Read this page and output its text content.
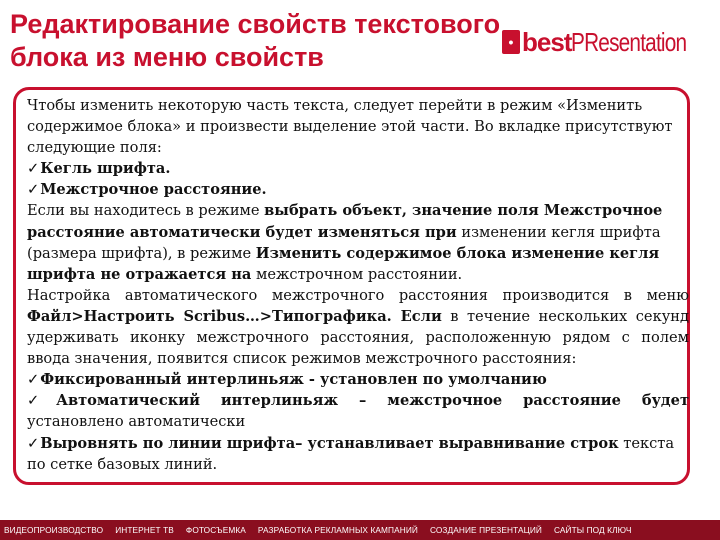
Редактирование свойств текстового блока из меню свойств	• best PResentation

Чтобы изменить некоторую часть текста, следует перейти в режим «Изменить содержимое блока» и произвести выделение этой части. Во вкладке присутствуют следующие поля:

✓Кегль шрифта.

✓Межстрочное расстояние.

Если вы находитесь в режиме выбрать объект, значение поля Межстрочное расстояние автоматически будет изменяться при изменении кегля шрифта (размера шрифта), в режиме Изменить содержимое блока изменение кегля шрифта не отражается на межстрочном расстоянии.

Настройка автоматического межстрочного расстояния производится в меню Файл>Настроить Scribus…>Типографика. Если в течение нескольких секунд удерживать иконку межстрочного расстояния, расположенную рядом с полем ввода значения, появится список режимов межстрочного расстояния:

✓Фиксированный интерлиньяж - установлен по умолчанию

✓Автоматический интерлиньяж – межстрочное расстояние будет

установлено автоматически

✓Выровнять по линии шрифта– устанавливает выравнивание строк текста по сетке базовых линий.

ВИДЕОПРОИЗВОДСТВО ИНТЕРНЕТ ТВ ФОТОСЪЕМКА РАЗРАБОТКА РЕКЛАМНЫХ КАМПАНИЙ СОЗДАНИЕ ПРЕЗЕНТАЦИЙ САЙТЫ ПОД КЛЮЧ
